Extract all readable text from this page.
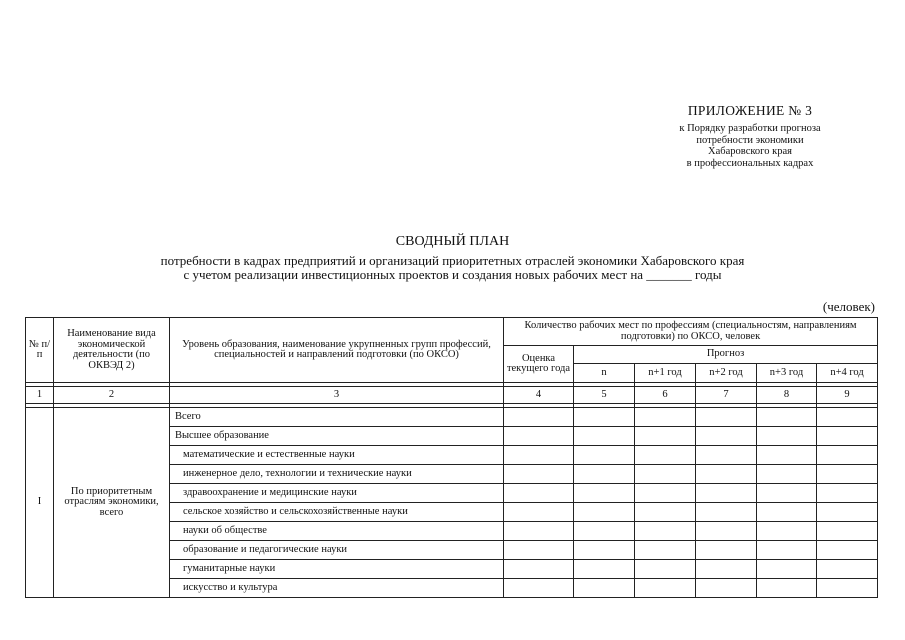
ПРИЛОЖЕНИЕ № 3
к Порядку разработки прогноза
потребности экономики
Хабаровского края
в профессиональных кадрах
СВОДНЫЙ ПЛАН
потребности в кадрах предприятий и организаций приоритетных отраслей экономики Хабаровского края
с учетом реализации инвестиционных проектов и создания новых рабочих мест на _______ годы
(человек)
№ п/п	Наименование вида экономической деятельности (по ОКВЭД 2)	Уровень образования, наименование укрупненных групп профессий, специальностей и направлений подготовки (по ОКСО)	Количество рабочих мест по профессиям (специальностям, направлениям подготовки) по ОКСО, человек					
			Оценка текущего года	Прогноз				
				n	n+1 год	n+2 год	n+3 год	n+4 год

1	2	3	4	5	6	7	8	9

I	По приоритетным отраслям экономики, всего	Всего						
		Высшее образование						
		математические и естественные науки						
		инженерное дело, технологии и технические науки						
		здравоохранение и медицинские науки						
		сельское хозяйство и сельскохозяйственные науки						
		науки об обществе						
		образование и педагогические науки						
		гуманитарные науки						
		искусство и культура						
